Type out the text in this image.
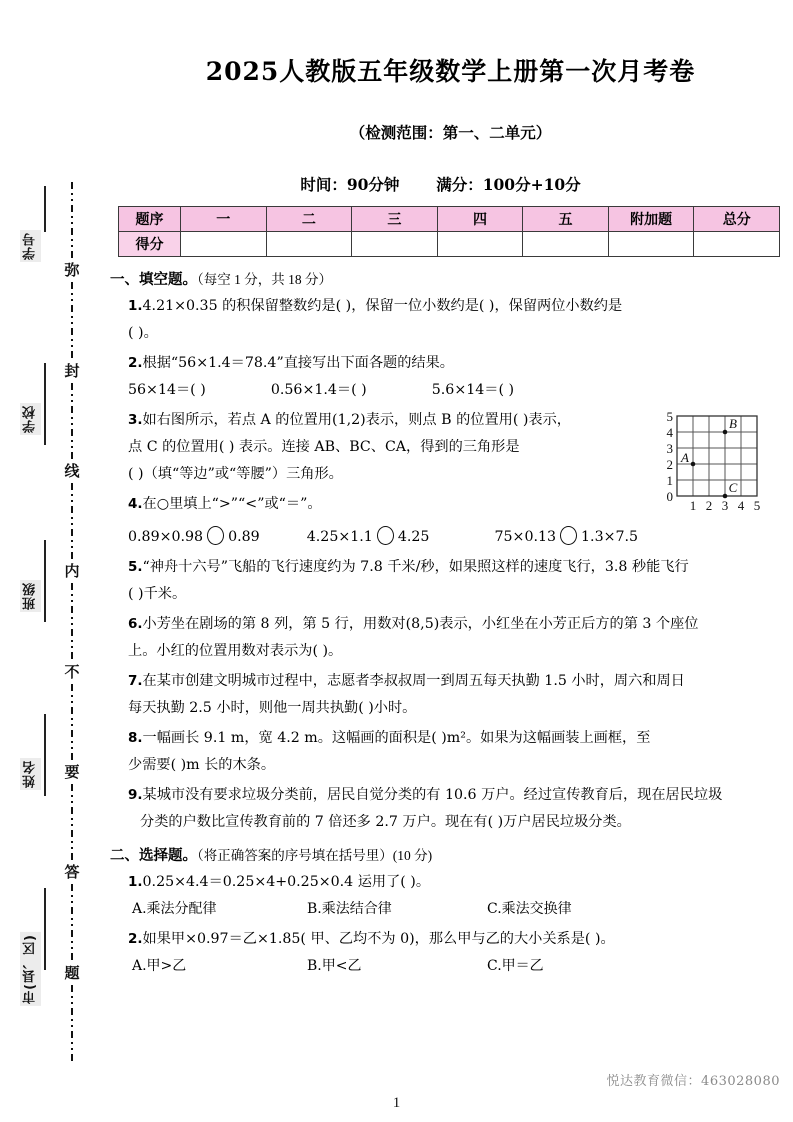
弥
封
线
内
不
要
答
题
学号
学校
班级
姓名
市(县、区)
2025人教版五年级数学上册第一次月考卷
（检测范围：第一、二单元）
时间：90分钟 满分：100分+10分
题序	一	二	三	四	五	附加题	总分
得分							
一、填空题。（每空 1 分，共 18 分）
1.4.21×0.35 的积保留整数约是( )，保留一位小数约是( )，保留两位小数约是
( )。
2.根据“56×1.4＝78.4”直接写出下面各题的结果。
56×14＝( )	0.56×1.4＝( )	5.6×14＝( )
3.如右图所示，若点 A 的位置用(1,2)表示，则点 B 的位置用( )表示，
点 C 的位置用( ) 表示。连接 AB、BC、CA，得到的三角形是
( )（填“等边”或“等腰”）三角形。
4.在○里填上“>”“<”或“＝”。
0.89×0.98 0.89	4.25×1.1 4.25	75×0.13 1.3×7.5
5.“神舟十六号”飞船的飞行速度约为 7.8 千米/秒，如果照这样的速度飞行，3.8 秒能飞行
( )千米。
6.小芳坐在剧场的第 8 列，第 5 行，用数对(8,5)表示，小红坐在小芳正后方的第 3 个座位
上。小红的位置用数对表示为( )。
7.在某市创建文明城市过程中，志愿者李叔叔周一到周五每天执勤 1.5 小时，周六和周日
每天执勤 2.5 小时，则他一周共执勤( )小时。
8.一幅画长 9.1 m，宽 4.2 m。这幅画的面积是( )m²。如果为这幅画装上画框，至
少需要( )m 长的木条。
9.某城市没有要求垃圾分类前，居民自觉分类的有 10.6 万户。经过宣传教育后，现在居民垃圾
分类的户数比宣传教育前的 7 倍还多 2.7 万户。现在有( )万户居民垃圾分类。
二、选择题。（将正确答案的序号填在括号里）(10 分)
1.0.25×4.4＝0.25×4+0.25×0.4 运用了( )。
A.乘法分配律	B.乘法结合律	C.乘法交换律
2.如果甲×0.97＝乙×1.85( 甲、乙均不为 0)，那么甲与乙的大小关系是( )。
A.甲>乙	B.甲<乙	C.甲＝乙
0
1
2
3
4
5
1 2 3 4 5
A
B
C
悦达教育微信：463028080
1
